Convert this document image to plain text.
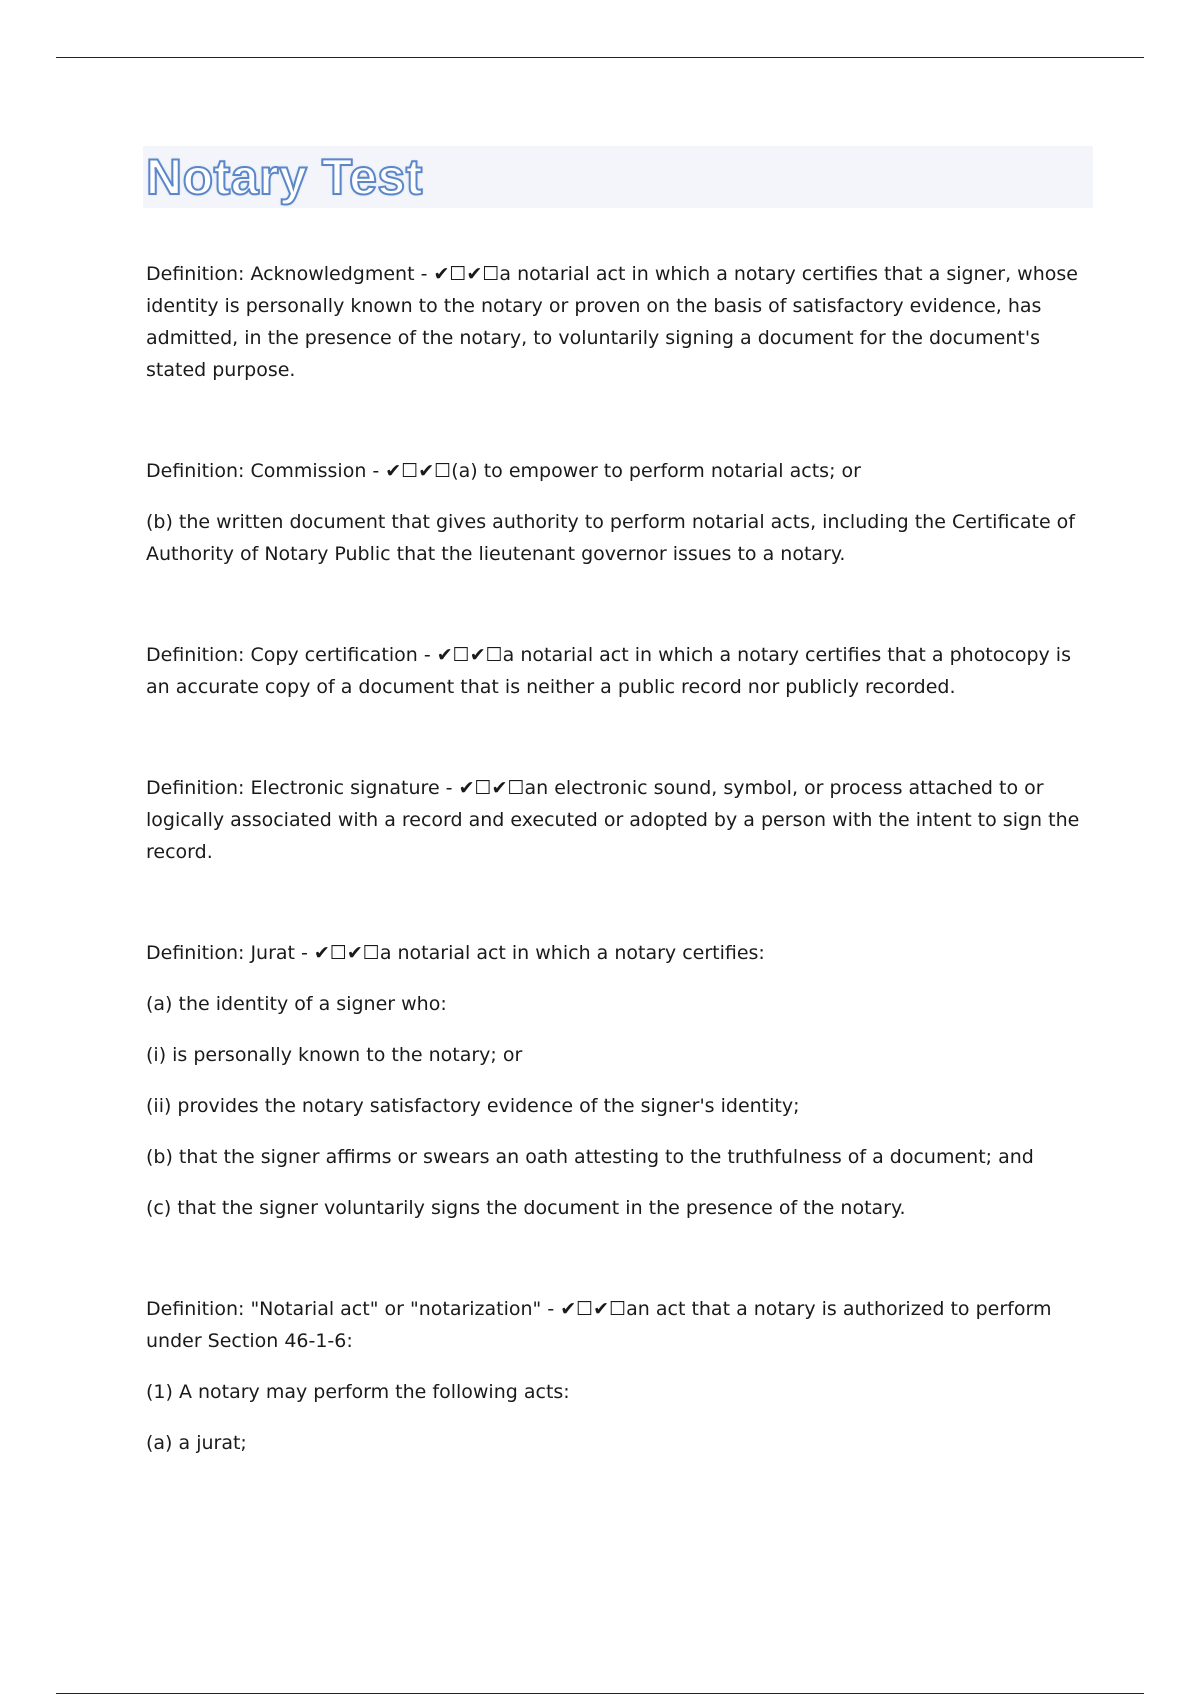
Notary Test

Definition: Acknowledgment - ✔☐✔☐a notarial act in which a notary certifies that a signer, whose identity is personally known to the notary or proven on the basis of satisfactory evidence, has admitted, in the presence of the notary, to voluntarily signing a document for the document's stated purpose.

Definition: Commission - ✔☐✔☐(a) to empower to perform notarial acts; or

(b) the written document that gives authority to perform notarial acts, including the Certificate of Authority of Notary Public that the lieutenant governor issues to a notary.

Definition: Copy certification - ✔☐✔☐a notarial act in which a notary certifies that a photocopy is an accurate copy of a document that is neither a public record nor publicly recorded.

Definition: Electronic signature - ✔☐✔☐an electronic sound, symbol, or process attached to or logically associated with a record and executed or adopted by a person with the intent to sign the record.

Definition: Jurat - ✔☐✔☐a notarial act in which a notary certifies:

(a) the identity of a signer who:

(i) is personally known to the notary; or

(ii) provides the notary satisfactory evidence of the signer's identity;

(b) that the signer affirms or swears an oath attesting to the truthfulness of a document; and

(c) that the signer voluntarily signs the document in the presence of the notary.

Definition: "Notarial act" or "notarization" - ✔☐✔☐an act that a notary is authorized to perform under Section 46-1-6:

(1) A notary may perform the following acts:

(a) a jurat;
